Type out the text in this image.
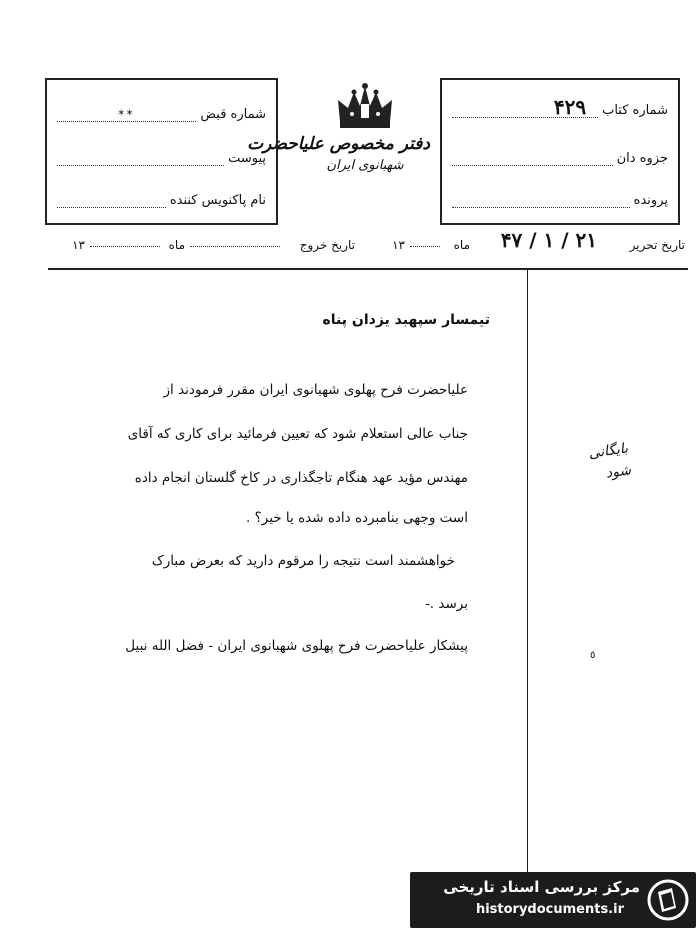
شماره کتاب
۴۲۹
جزوه دان
پرونده
دفتر مخصوص علیاحضرت
شهبانوی ایران
شماره قبض
✶✶
پیوست
نام پاکنویس کننده
تاریخ تحریر
۲۱ / ۱ / ۴۷
ماه
۱۳
تاریخ خروج
ماه
۱۳
تیمسار سپهبد یزدان پناه
علیاحضرت فرح پهلوی شهبانوی ایران مقرر فرمودند از
جناب عالی استعلام شود که تعیین فرمائید برای کاری که آقای
مهندس مؤید عهد هنگام تاجگذاری در کاخ گلستان انجام داده
است وجهی بنامبرده داده شده یا خیر؟ .
خواهشمند است نتیجه را مرقوم دارید که بعرض مبارک
برسد .-
پیشکار علیاحضرت فرح پهلوی شهبانوی ایران - فضل الله نبیل
بایگانی
شود
٥
مرکز بررسی اسناد تاریخی
historydocuments.ir
